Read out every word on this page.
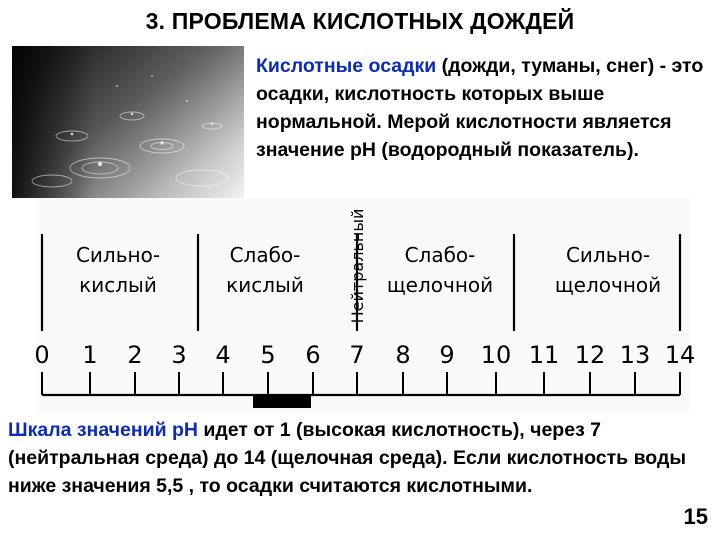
3. ПРОБЛЕМА КИСЛОТНЫХ ДОЖДЕЙ
Кислотные осадки (дожди, туманы, снег) - это осадки, кислотность которых выше нормальной. Мерой кислотности является значение pH (водородный показатель).
Сильно-
кислый
Слабо-
кислый
Слабо-
щелочной
Сильно-
щелочной
Нейтральный
0 1 2 3 4 5 6 7 8 9 10 11 12 13 14
Шкала значений pH идет от 1 (высокая кислотность), через 7 (нейтральная среда) до 14 (щелочная среда). Если кислотность воды ниже значения 5,5 , то осадки считаются кислотными.
15
